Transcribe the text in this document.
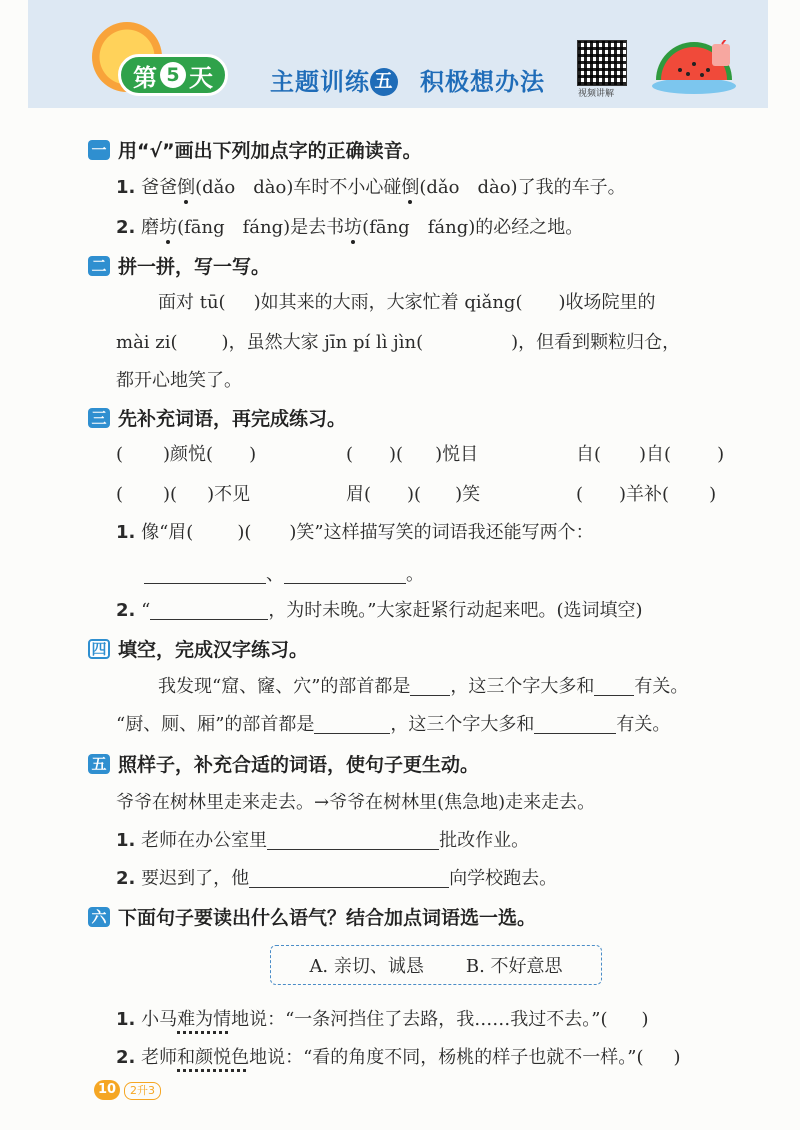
第 5 天 主题训练 五 积极想办法	视频讲解
一 用“√”画出下列加点字的正确读音。
1. 爸爸倒(dǎo　dào)车时不小心碰倒(dǎo　dào)了我的车子。
2. 磨坊(fāng　fáng)是去书坊(fāng　fáng)的必经之地。
二 拼一拼，写一写。
面对 tū( )如其来的大雨，大家忙着 qiǎng( )收场院里的
mài zi( )，虽然大家 jīn pí lì jìn(	)，但看到颗粒归仓，
都开心地笑了。
三 先补充词语，再完成练习。
( )颜悦( )	( )( )悦目	自( )自(	)
( )( )不见	眉( )( )笑	( )羊补( )
1. 像“眉( )( )笑”这样描写笑的词语我还能写两个：
、	。
2. “	，为时未晚。”大家赶紧行动起来吧。(选词填空)
四 填空，完成汉字练习。
我发现“窟、窿、穴”的部首都是 ，这三个字大多和 有关。
“厨、厕、厢”的部首都是	，这三个字大多和	有关。
五 照样子，补充合适的词语，使句子更生动。
爷爷在树林里走来走去。→爷爷在树林里(焦急地)走来走去。
1. 老师在办公室里	批改作业。
2. 要迟到了，他	向学校跑去。
六 下面句子要读出什么语气？结合加点词语选一选。
A. 亲切、诚恳 B. 不好意思
1. 小马难为情地说：“一条河挡住了去路，我……我过不去。”( )
2. 老师和颜悦色地说：“看的角度不同，杨桃的样子也就不一样。”( )
10	2升3
